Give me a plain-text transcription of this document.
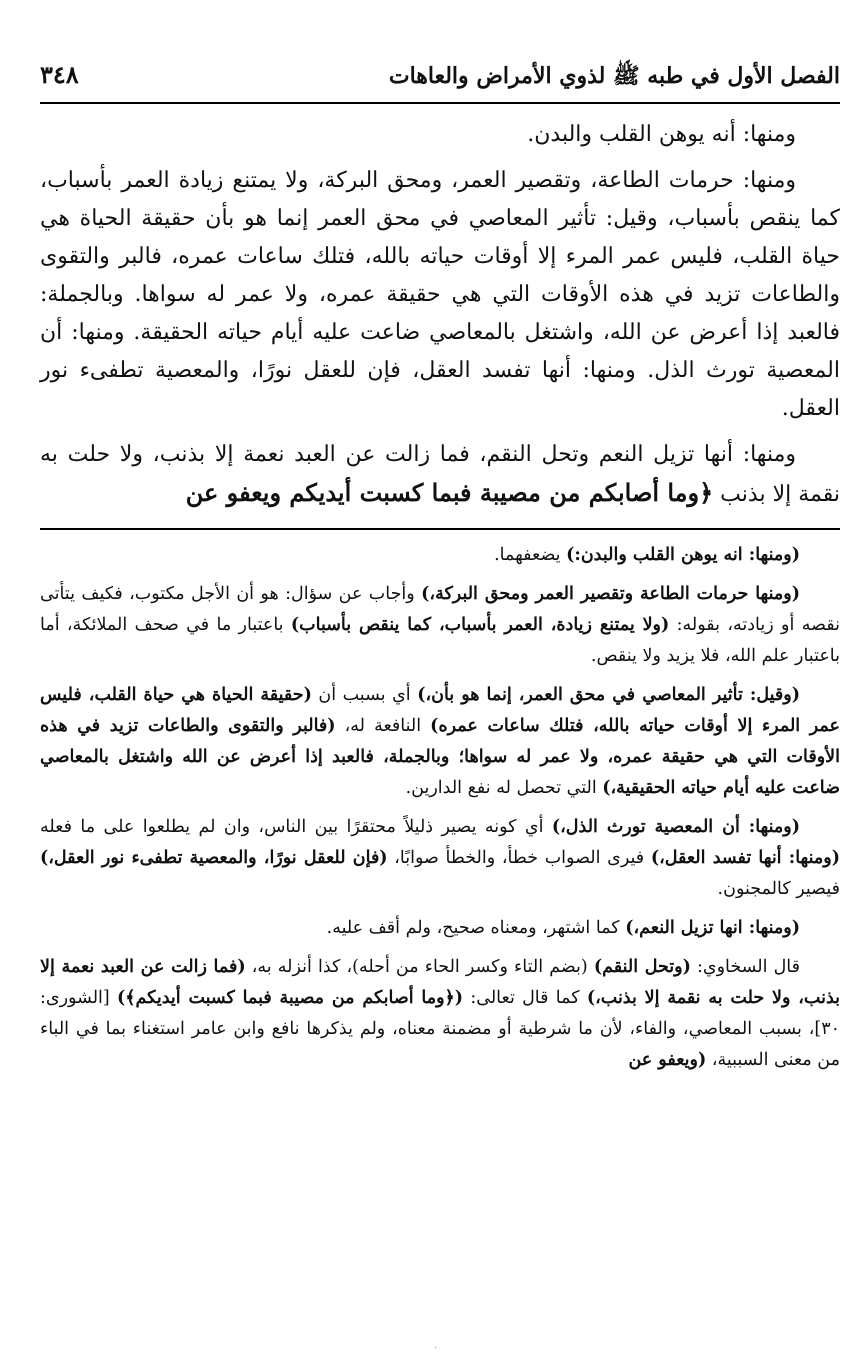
الفصل الأول في طبه ﷺ لذوي الأمراض والعاهات
٣٤٨

ومنها: أنه يوهن القلب والبدن.

ومنها: حرمات الطاعة، وتقصير العمر، ومحق البركة، ولا يمتنع زيادة العمر بأسباب، كما ينقص بأسباب، وقيل: تأثير المعاصي في محق العمر إنما هو بأن حقيقة الحياة هي حياة القلب، فليس عمر المرء إلا أوقات حياته بالله، فتلك ساعات عمره، فالبر والتقوى والطاعات تزيد في هذه الأوقات التي هي حقيقة عمره، ولا عمر له سواها. وبالجملة: فالعبد إذا أعرض عن الله، واشتغل بالمعاصي ضاعت عليه أيام حياته الحقيقة. ومنها: أن المعصية تورث الذل. ومنها: أنها تفسد العقل، فإن للعقل نورًا، والمعصية تطفىء نور العقل.

ومنها: أنها تزيل النعم وتحل النقم، فما زالت عن العبد نعمة إلا بذنب، ولا حلت به نقمة إلا بذنب ﴿وما أصابكم من مصيبة فبما كسبت أيديكم ويعفو عن

(ومنها: انه يوهن القلب والبدن:) يضعفهما.

(ومنها حرمات الطاعة وتقصير العمر ومحق البركة،) وأجاب عن سؤال: هو أن الأجل مكتوب، فكيف يتأتى نقصه أو زيادته، بقوله: (ولا يمتنع زيادة، العمر بأسباب، كما ينقص بأسباب) باعتبار ما في صحف الملائكة، أما باعتبار علم الله، فلا يزيد ولا ينقص.

(وقيل: تأثير المعاصي في محق العمر، إنما هو بأن،) أي بسبب أن (حقيقة الحياة هي حياة القلب، فليس عمر المرء إلا أوقات حياته بالله، فتلك ساعات عمره) النافعة له، (فالبر والتقوى والطاعات تزيد في هذه الأوقات التي هي حقيقة عمره، ولا عمر له سواها؛ وبالجملة، فالعبد إذا أعرض عن الله واشتغل بالمعاصي ضاعت عليه أيام حياته الحقيقية،) التي تحصل له نفع الدارين.

(ومنها: أن المعصية تورث الذل،) أي كونه يصير ذليلاً محتقرًا بين الناس، وان لم يطلعوا على ما فعله (ومنها: أنها تفسد العقل،) فيرى الصواب خطأ، والخطأ صوابًا، (فإن للعقل نورًا، والمعصية تطفىء نور العقل،) فيصير كالمجنون.

(ومنها: انها تزيل النعم،) كما اشتهر، ومعناه صحيح، ولم أقف عليه.

قال السخاوي: (وتحل النقم) (بضم التاء وكسر الحاء من أحله)، كذا أنزله به، (فما زالت عن العبد نعمة إلا بذنب، ولا حلت به نقمة إلا بذنب،) كما قال تعالى: (﴿وما أصابكم من مصيبة فبما كسبت أيديكم﴾) [الشورى: ٣٠]، بسبب المعاصي، والفاء، لأن ما شرطية أو مضمنة معناه، ولم يذكرها نافع وابن عامر استغناء بما في الباء من معنى السببية، (ويعفو عن

·
